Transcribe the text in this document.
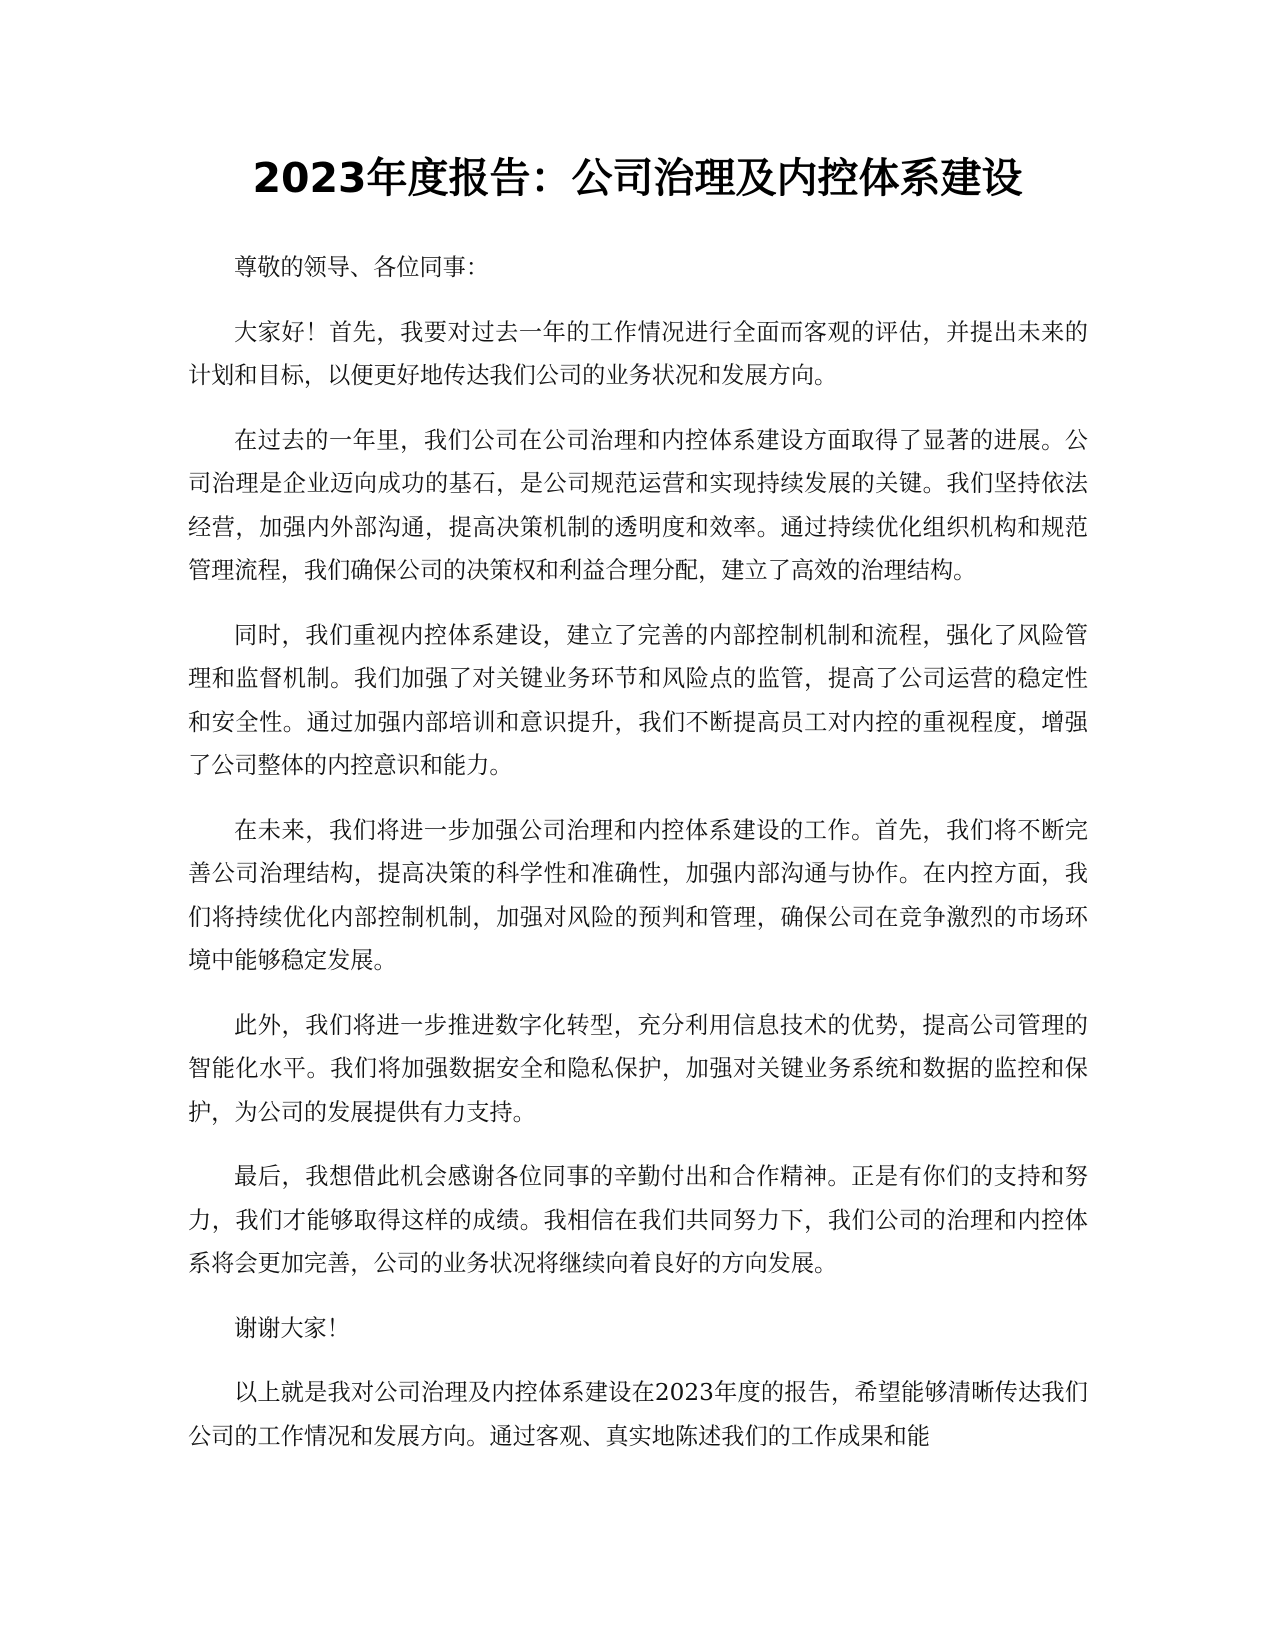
2023年度报告：公司治理及内控体系建设

尊敬的领导、各位同事：

大家好！首先，我要对过去一年的工作情况进行全面而客观的评估，并提出未来的计划和目标，以便更好地传达我们公司的业务状况和发展方向。

在过去的一年里，我们公司在公司治理和内控体系建设方面取得了显著的进展。公司治理是企业迈向成功的基石，是公司规范运营和实现持续发展的关键。我们坚持依法经营，加强内外部沟通，提高决策机制的透明度和效率。通过持续优化组织机构和规范管理流程，我们确保公司的决策权和利益合理分配，建立了高效的治理结构。

同时，我们重视内控体系建设，建立了完善的内部控制机制和流程，强化了风险管理和监督机制。我们加强了对关键业务环节和风险点的监管，提高了公司运营的稳定性和安全性。通过加强内部培训和意识提升，我们不断提高员工对内控的重视程度，增强了公司整体的内控意识和能力。

在未来，我们将进一步加强公司治理和内控体系建设的工作。首先，我们将不断完善公司治理结构，提高决策的科学性和准确性，加强内部沟通与协作。在内控方面，我们将持续优化内部控制机制，加强对风险的预判和管理，确保公司在竞争激烈的市场环境中能够稳定发展。

此外，我们将进一步推进数字化转型，充分利用信息技术的优势，提高公司管理的智能化水平。我们将加强数据安全和隐私保护，加强对关键业务系统和数据的监控和保护，为公司的发展提供有力支持。

最后，我想借此机会感谢各位同事的辛勤付出和合作精神。正是有你们的支持和努力，我们才能够取得这样的成绩。我相信在我们共同努力下，我们公司的治理和内控体系将会更加完善，公司的业务状况将继续向着良好的方向发展。

谢谢大家！

以上就是我对公司治理及内控体系建设在2023年度的报告，希望能够清晰传达我们公司的工作情况和发展方向。通过客观、真实地陈述我们的工作成果和能
